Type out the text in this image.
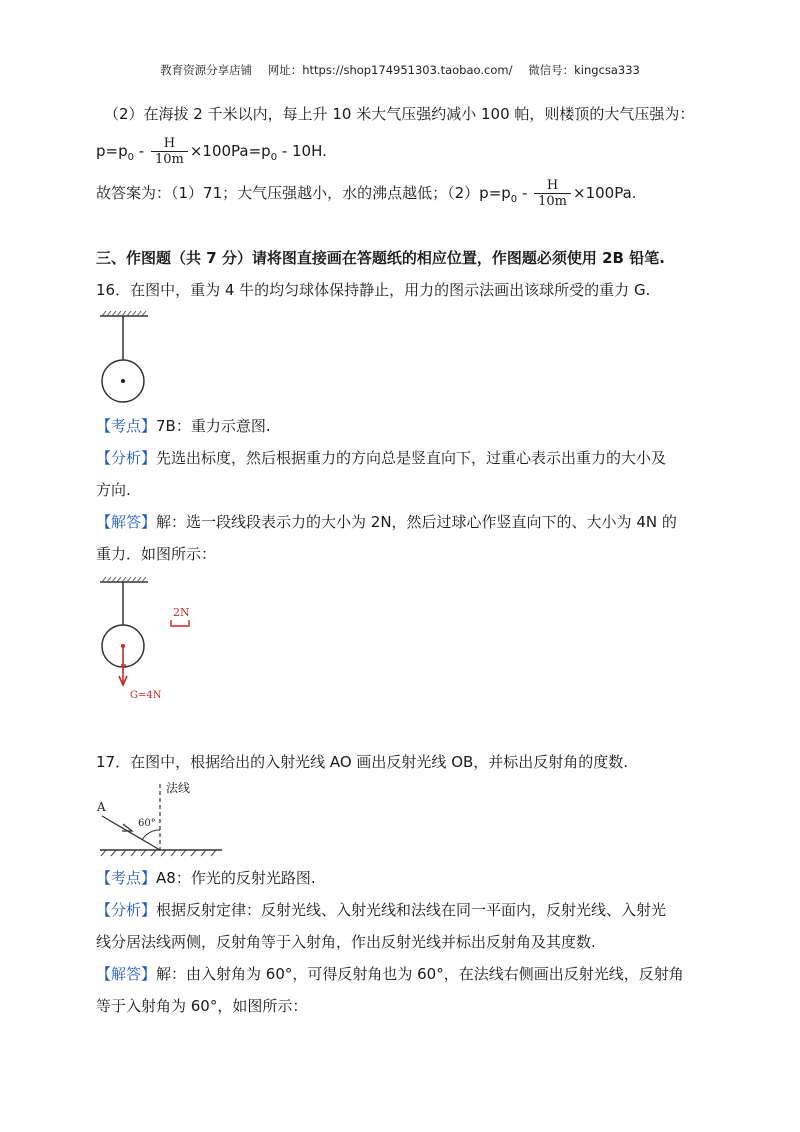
教育资源分享店铺 网址：https://shop174951303.taobao.com/ 微信号：kingcsa333
（2）在海拔 2 千米以内，每上升 10 米大气压强约减小 100 帕，则楼顶的大气压强为：
$p=p_0 - \frac{H}{10m} \times 100Pa=p_0 - 10H$.
故答案为：（1）71；大气压强越小，水的沸点越低；$(2)p=p_0 - \frac{H}{10m} \times 100Pa$.
三、作图题（共 7 分）请将图直接画在答题纸的相应位置，作图题必须使用 2B 铅笔.
16．在图中，重为 4 牛的均匀球体保持静止，用力的图示法画出该球所受的重力 G.
【考点】7B：重力示意图.
【分析】先选出标度，然后根据重力的方向总是竖直向下，过重心表示出重力的大小及
方向.
【解答】解：选一段线段表示力的大小为 2N，然后过球心作竖直向下的、大小为 4N 的
重力．如图所示：
G=4N
2N
17．在图中，根据给出的入射光线 AO 画出反射光线 OB，并标出反射角的度数.
法线
A
60°
【考点】A8：作光的反射光路图.
【分析】根据反射定律：反射光线、入射光线和法线在同一平面内，反射光线、入射光
线分居法线两侧，反射角等于入射角，作出反射光线并标出反射角及其度数.
【解答】解：由入射角为 60°，可得反射角也为 60°，在法线右侧画出反射光线，反射角
等于入射角为 60°，如图所示：
